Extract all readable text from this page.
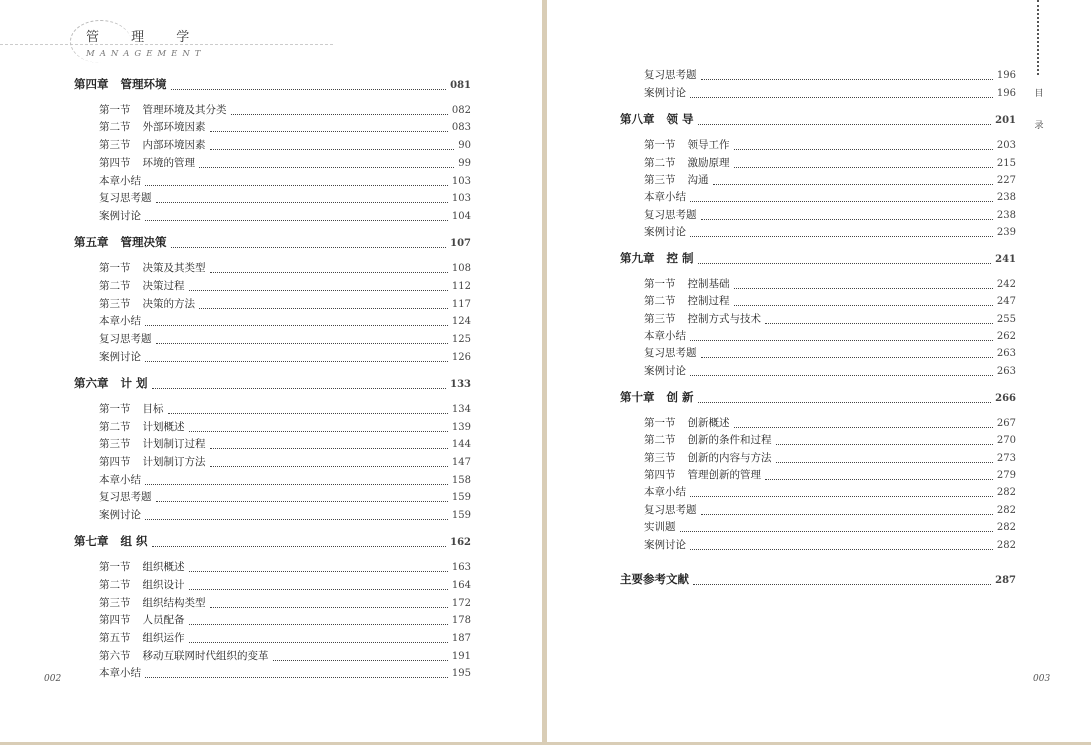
管 理 学
MANAGEMENT
第四章 管理环境	081
第一节 管理环境及其分类	082
第二节 外部环境因素	083
第三节 内部环境因素	90
第四节 环境的管理	99
本章小结	103
复习思考题	103
案例讨论	104
第五章 管理决策	107
第一节 决策及其类型	108
第二节 决策过程	112
第三节 决策的方法	117
本章小结	124
复习思考题	125
案例讨论	126
第六章 计 划	133
第一节 目标	134
第二节 计划概述	139
第三节 计划制订过程	144
第四节 计划制订方法	147
本章小结	158
复习思考题	159
案例讨论	159
第七章 组 织	162
第一节 组织概述	163
第二节 组织设计	164
第三节 组织结构类型	172
第四节 人员配备	178
第五节 组织运作	187
第六节 移动互联网时代组织的变革	191
本章小结	195
002
目
录
复习思考题	196
案例讨论	196
第八章 领 导	201
第一节 领导工作	203
第二节 激励原理	215
第三节 沟通	227
本章小结	238
复习思考题	238
案例讨论	239
第九章 控 制	241
第一节 控制基础	242
第二节 控制过程	247
第三节 控制方式与技术	255
本章小结	262
复习思考题	263
案例讨论	263
第十章 创 新	266
第一节 创新概述	267
第二节 创新的条件和过程	270
第三节 创新的内容与方法	273
第四节 管理创新的管理	279
本章小结	282
复习思考题	282
实训题	282
案例讨论	282
主要参考文献	287
003
